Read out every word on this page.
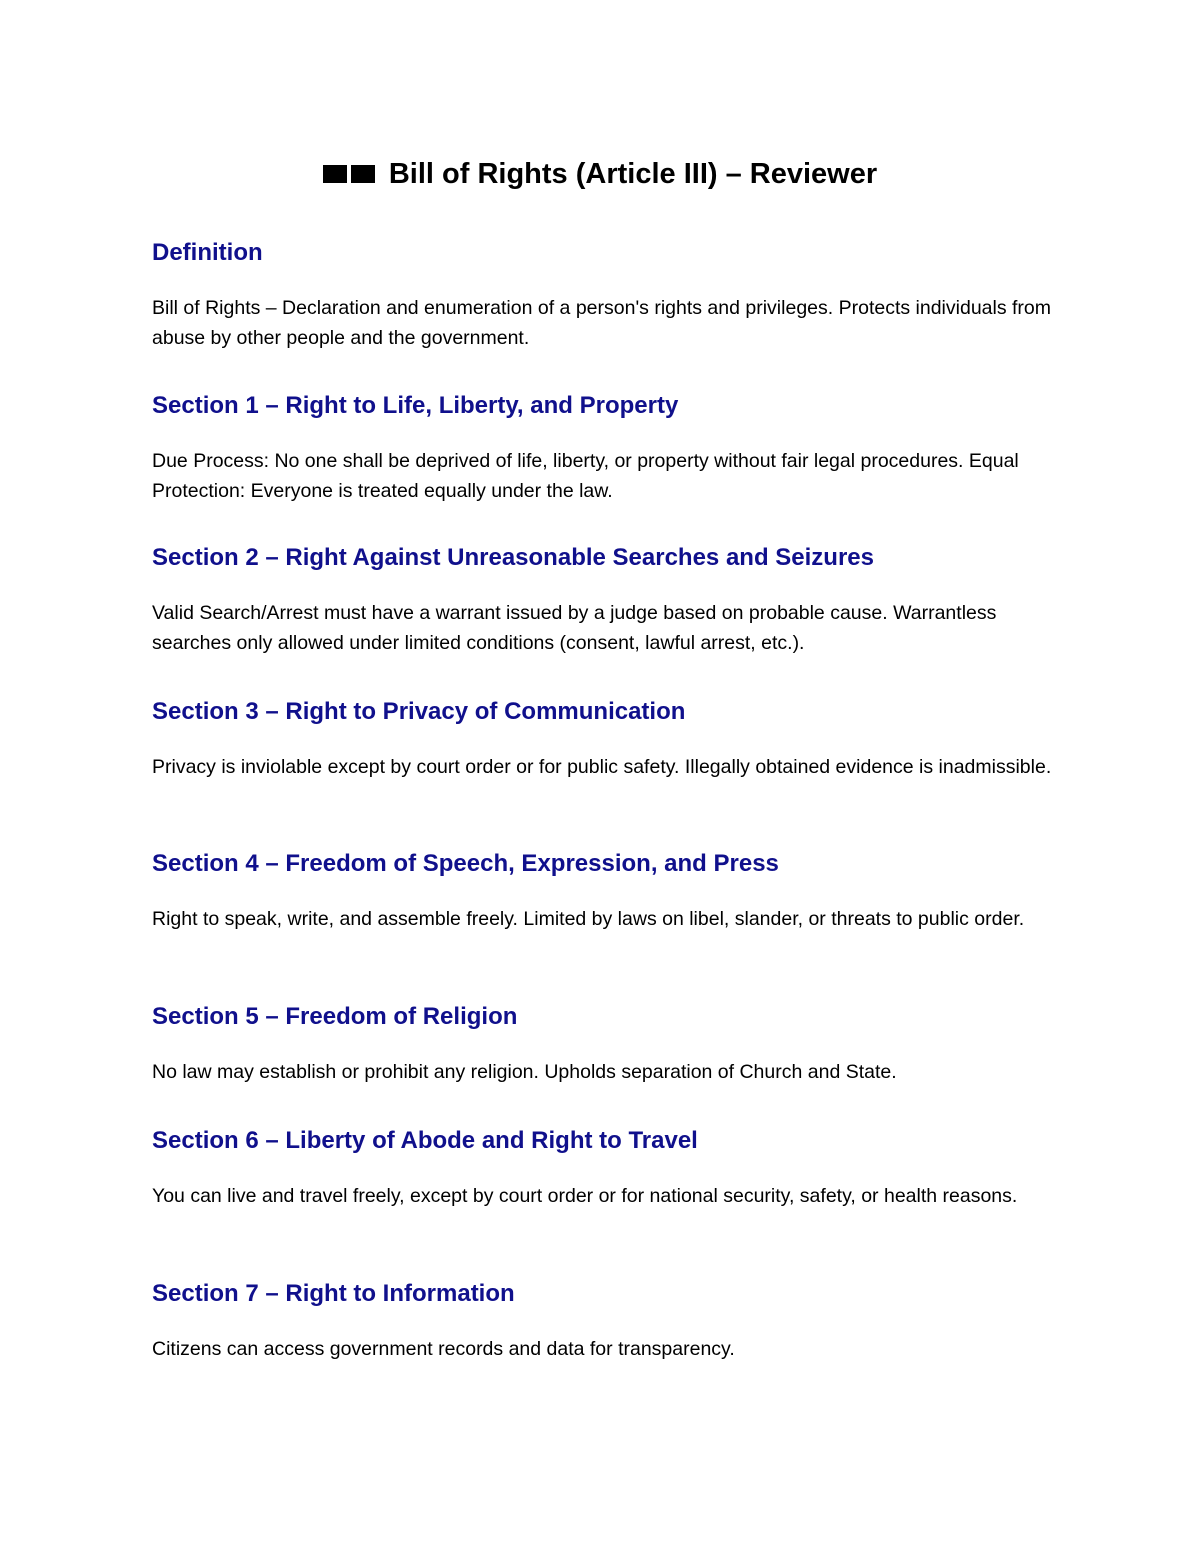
Bill of Rights (Article III) – Reviewer
Definition

Bill of Rights – Declaration and enumeration of a person's rights and privileges. Protects individuals from abuse by other people and the government.

Section 1 – Right to Life, Liberty, and Property

Due Process: No one shall be deprived of life, liberty, or property without fair legal procedures. Equal Protection: Everyone is treated equally under the law.

Section 2 – Right Against Unreasonable Searches and Seizures

Valid Search/Arrest must have a warrant issued by a judge based on probable cause. Warrantless searches only allowed under limited conditions (consent, lawful arrest, etc.).

Section 3 – Right to Privacy of Communication

Privacy is inviolable except by court order or for public safety. Illegally obtained evidence is inadmissible.

Section 4 – Freedom of Speech, Expression, and Press

Right to speak, write, and assemble freely. Limited by laws on libel, slander, or threats to public order.

Section 5 – Freedom of Religion

No law may establish or prohibit any religion. Upholds separation of Church and State.

Section 6 – Liberty of Abode and Right to Travel

You can live and travel freely, except by court order or for national security, safety, or health reasons.

Section 7 – Right to Information

Citizens can access government records and data for transparency.
